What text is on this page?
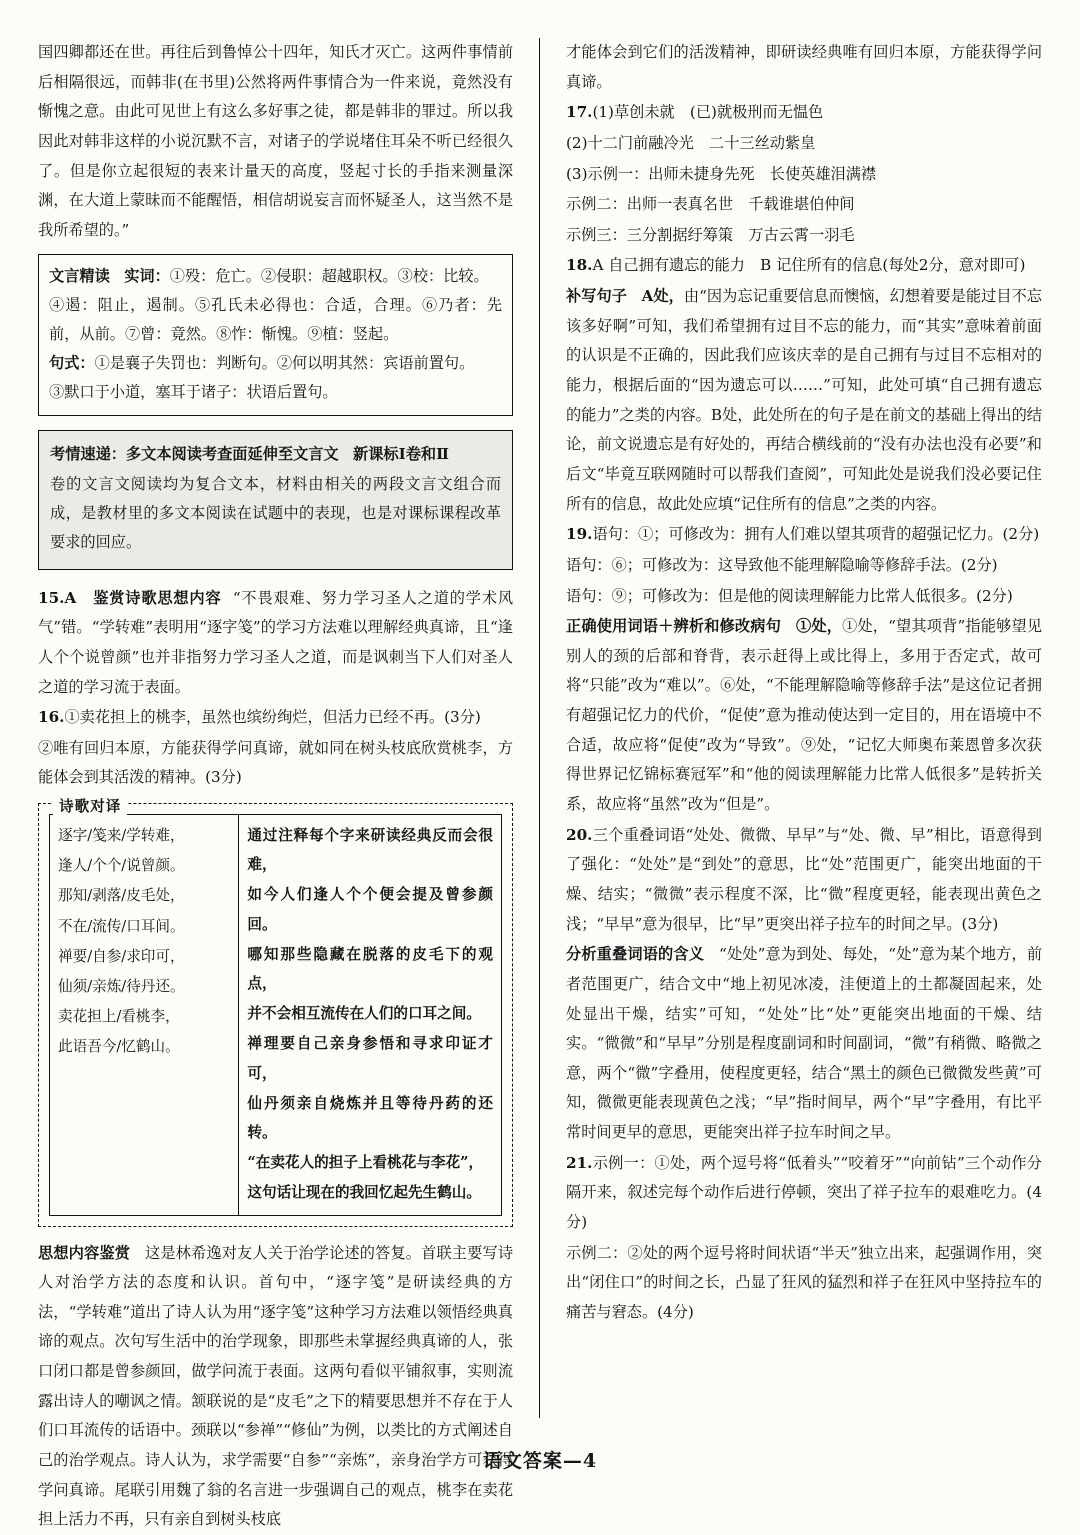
国四卿都还在世。再往后到鲁悼公十四年，知氏才灭亡。这两件事情前后相隔很远，而韩非(在书里)公然将两件事情合为一件来说，竟然没有惭愧之意。由此可见世上有这么多好事之徒，都是韩非的罪过。所以我因此对韩非这样的小说沉默不言，对诸子的学说堵住耳朵不听已经很久了。但是你立起很短的表来计量天的高度，竖起寸长的手指来测量深渊，在大道上蒙昧而不能醒悟，相信胡说妄言而怀疑圣人，这当然不是我所希望的。”

文言精读 实词：①殁：危亡。②侵职：超越职权。③校：比较。

④遏：阻止，遏制。⑤孔氏未必得也：合适，合理。⑥乃者：先前，从前。⑦曾：竟然。⑧怍：惭愧。⑨植：竖起。

句式：①是襄子失罚也：判断句。②何以明其然：宾语前置句。

③默口于小道，塞耳于诸子：状语后置句。

考情速递：多文本阅读考查面延伸至文言文 新课标Ⅰ卷和Ⅱ

卷的文言文阅读均为复合文本，材料由相关的两段文言文组合而成，是教材里的多文本阅读在试题中的表现，也是对课标课程改革要求的回应。

15.A 鉴赏诗歌思想内容 “不畏艰难、努力学习圣人之道的学术风气”错。“学转难”表明用“逐字笺”的学习方法难以理解经典真谛，且“逢人个个说曾颜”也并非指努力学习圣人之道，而是讽刺当下人们对圣人之道的学习流于表面。

16.①卖花担上的桃李，虽然也缤纷绚烂，但活力已经不再。(3分)

②唯有回归本原，方能获得学问真谛，就如同在树头枝底欣赏桃李，方能体会到其活泼的精神。(3分)

诗歌对译

逐字/笺来/学转难，

逢人/个个/说曾颜。

那知/剥落/皮毛处，

不在/流传/口耳间。

禅要/自参/求印可，

仙须/亲炼/待丹还。

卖花担上/看桃李，

此语吾今/忆鹤山。

通过注释每个字来研读经典反而会很难，

如今人们逢人个个便会提及曾参颜回。

哪知那些隐藏在脱落的皮毛下的观点，

并不会相互流传在人们的口耳之间。

禅理要自己亲身参悟和寻求印证才可，

仙丹须亲自烧炼并且等待丹药的还转。

“在卖花人的担子上看桃花与李花”，

这句话让现在的我回忆起先生鹤山。

思想内容鉴赏 这是林希逸对友人关于治学论述的答复。首联主要写诗人对治学方法的态度和认识。首句中，“逐字笺”是研读经典的方法，“学转难”道出了诗人认为用“逐字笺”这种学习方法难以领悟经典真谛的观点。次句写生活中的治学现象，即那些未掌握经典真谛的人，张口闭口都是曾参颜回，做学问流于表面。这两句看似平铺叙事，实则流露出诗人的嘲讽之情。颔联说的是“皮毛”之下的精要思想并不存在于人们口耳流传的话语中。颈联以“参禅”“修仙”为例，以类比的方式阐述自己的治学观点。诗人认为，求学需要“自参”“亲炼”，亲身治学方可获得学问真谛。尾联引用魏了翁的名言进一步强调自己的观点，桃李在卖花担上活力不再，只有亲自到树头枝底

才能体会到它们的活泼精神，即研读经典唯有回归本原，方能获得学问真谛。

17.(1)草创未就　(已)就极刑而无愠色

(2)十二门前融冷光　二十三丝动紫皇

(3)示例一：出师未捷身先死　长使英雄泪满襟

示例二：出师一表真名世　千载谁堪伯仲间

示例三：三分割据纡筹策　万古云霄一羽毛

18.A 自己拥有遗忘的能力　B 记住所有的信息(每处2分，意对即可)

补写句子 A处，由“因为忘记重要信息而懊恼，幻想着要是能过目不忘该多好啊”可知，我们希望拥有过目不忘的能力，而“其实”意味着前面的认识是不正确的，因此我们应该庆幸的是自己拥有与过目不忘相对的能力，根据后面的“因为遗忘可以……”可知，此处可填“自己拥有遗忘的能力”之类的内容。B处，此处所在的句子是在前文的基础上得出的结论，前文说遗忘是有好处的，再结合横线前的“没有办法也没有必要”和后文“毕竟互联网随时可以帮我们查阅”，可知此处是说我们没必要记住所有的信息，故此处应填“记住所有的信息”之类的内容。

19.语句：①；可修改为：拥有人们难以望其项背的超强记忆力。(2分)

语句：⑥；可修改为：这导致他不能理解隐喻等修辞手法。(2分)

语句：⑨；可修改为：但是他的阅读理解能力比常人低很多。(2分)

正确使用词语＋辨析和修改病句 ①处，①处，“望其项背”指能够望见别人的颈的后部和脊背，表示赶得上或比得上，多用于否定式，故可将“只能”改为“难以”。⑥处，“不能理解隐喻等修辞手法”是这位记者拥有超强记忆力的代价，“促使”意为推动使达到一定目的，用在语境中不合适，故应将“促使”改为“导致”。⑨处，“记忆大师奥布莱恩曾多次获得世界记忆锦标赛冠军”和“他的阅读理解能力比常人低很多”是转折关系，故应将“虽然”改为“但是”。

20.三个重叠词语“处处、微微、早早”与“处、微、早”相比，语意得到了强化：“处处”是“到处”的意思，比“处”范围更广，能突出地面的干燥、结实；“微微”表示程度不深，比“微”程度更轻，能表现出黄色之浅；“早早”意为很早，比“早”更突出祥子拉车的时间之早。(3分)

分析重叠词语的含义 “处处”意为到处、每处，“处”意为某个地方，前者范围更广，结合文中“地上初见冰凌，洼便道上的土都凝固起来，处处显出干燥，结实”可知，“处处”比“处”更能突出地面的干燥、结实。“微微”和“早早”分别是程度副词和时间副词，“微”有稍微、略微之意，两个“微”字叠用，使程度更轻，结合“黑土的颜色已微微发些黄”可知，微微更能表现黄色之浅；“早”指时间早，两个“早”字叠用，有比平常时间更早的意思，更能突出祥子拉车时间之早。

21.示例一：①处，两个逗号将“低着头”“咬着牙”“向前钻”三个动作分隔开来，叙述完每个动作后进行停顿，突出了祥子拉车的艰难吃力。(4分)

示例二：②处的两个逗号将时间状语“半天”独立出来，起强调作用，突出“闭住口”的时间之长，凸显了狂风的猛烈和祥子在狂风中坚持拉车的痛苦与窘态。(4分)

语文答案—4
